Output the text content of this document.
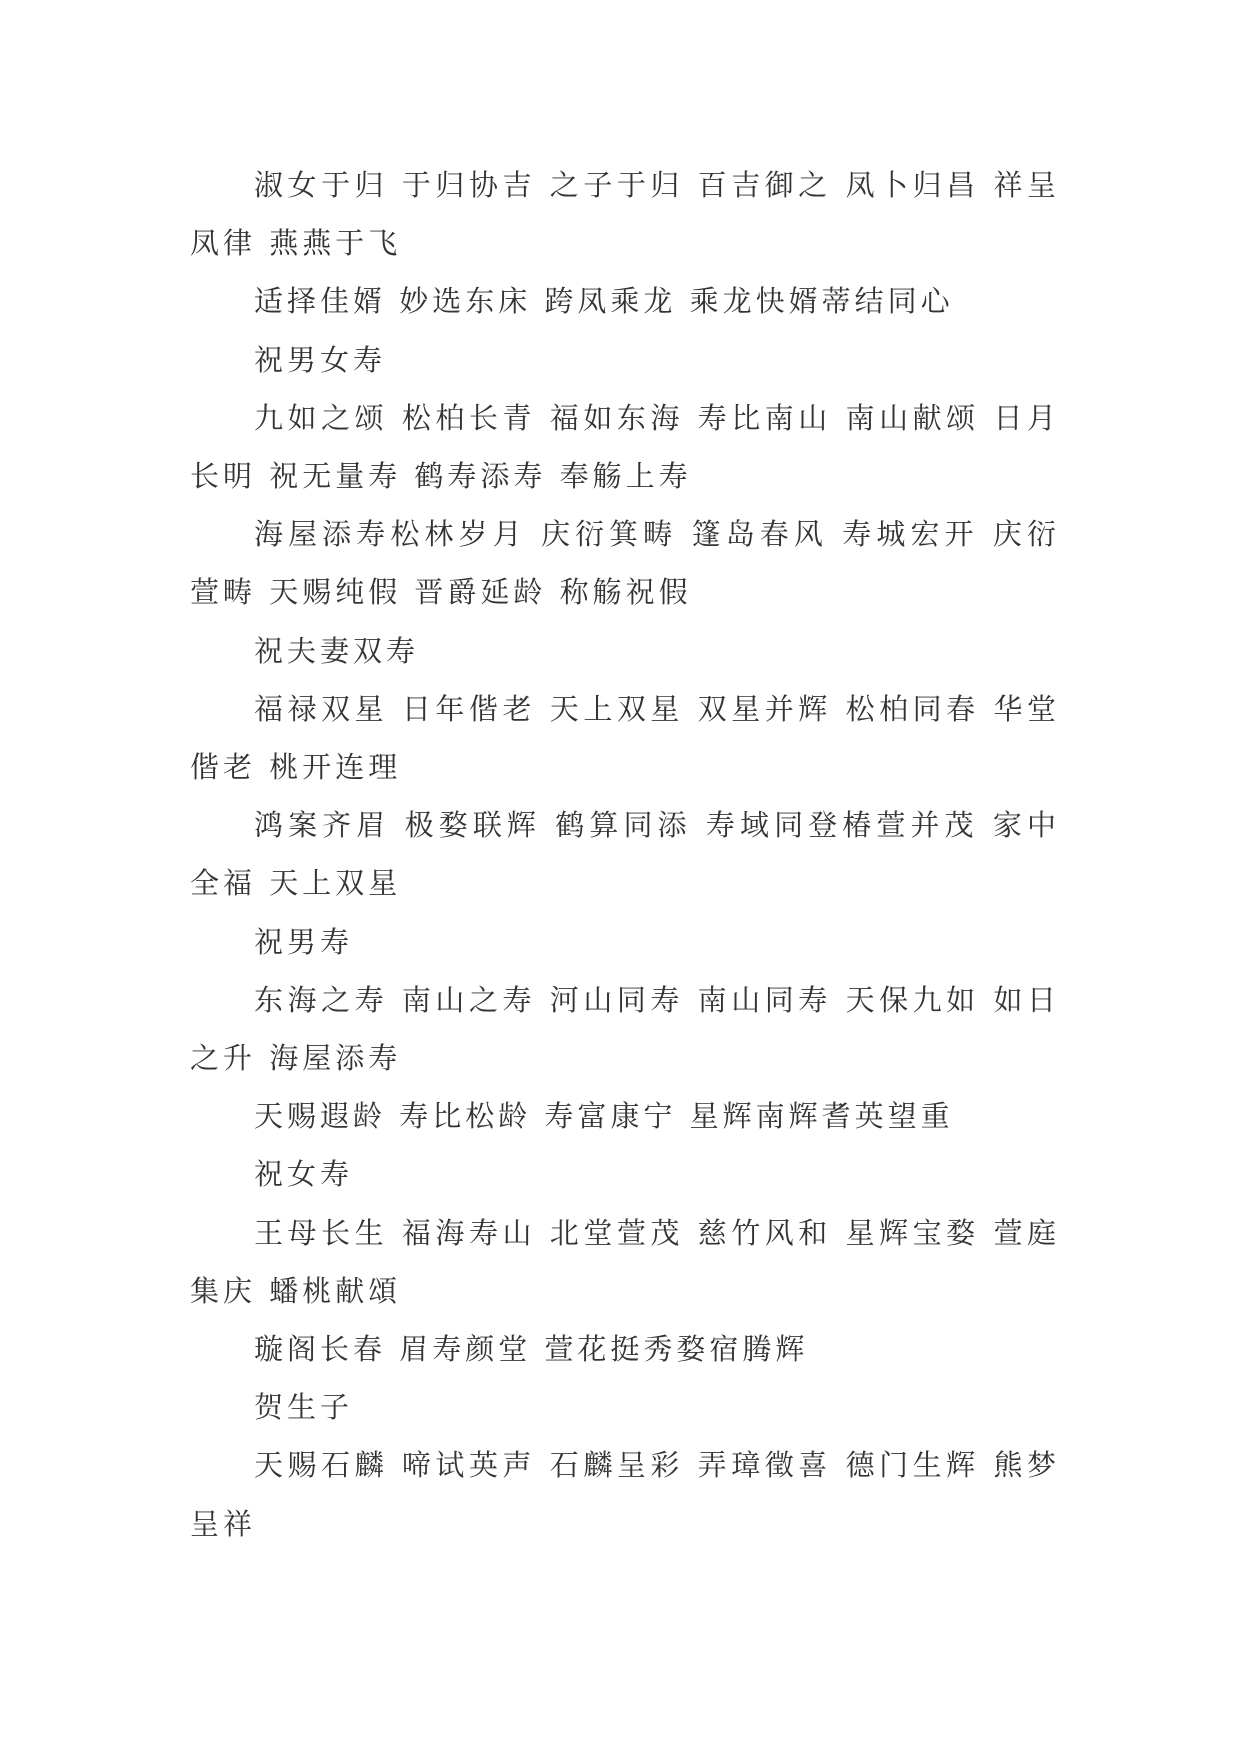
淑女于归 于归协吉 之子于归 百吉御之 凤卜归昌 祥呈凤律 燕燕于飞

适择佳婿 妙选东床 跨凤乘龙 乘龙快婿蒂结同心

祝男女寿

九如之颂 松柏长青 福如东海 寿比南山 南山献颂 日月长明 祝无量寿 鹤寿添寿 奉觞上寿

海屋添寿松林岁月 庆衍箕畴 篷岛春风 寿城宏开 庆衍萱畴 天赐纯假 晋爵延龄 称觞祝假

祝夫妻双寿

福禄双星 日年偕老 天上双星 双星并辉 松柏同春 华堂偕老 桃开连理

鸿案齐眉 极婺联辉 鹤算同添 寿域同登椿萱并茂 家中全福 天上双星

祝男寿

东海之寿 南山之寿 河山同寿 南山同寿 天保九如 如日之升 海屋添寿

天赐遐龄 寿比松龄 寿富康宁 星辉南辉耆英望重

祝女寿

王母长生 福海寿山 北堂萱茂 慈竹风和 星辉宝婺 萱庭集庆 蟠桃献頌

璇阁长春 眉寿颜堂 萱花挺秀婺宿腾辉

贺生子

天赐石麟 啼试英声 石麟呈彩 弄璋徵喜 德门生辉 熊梦呈祥
